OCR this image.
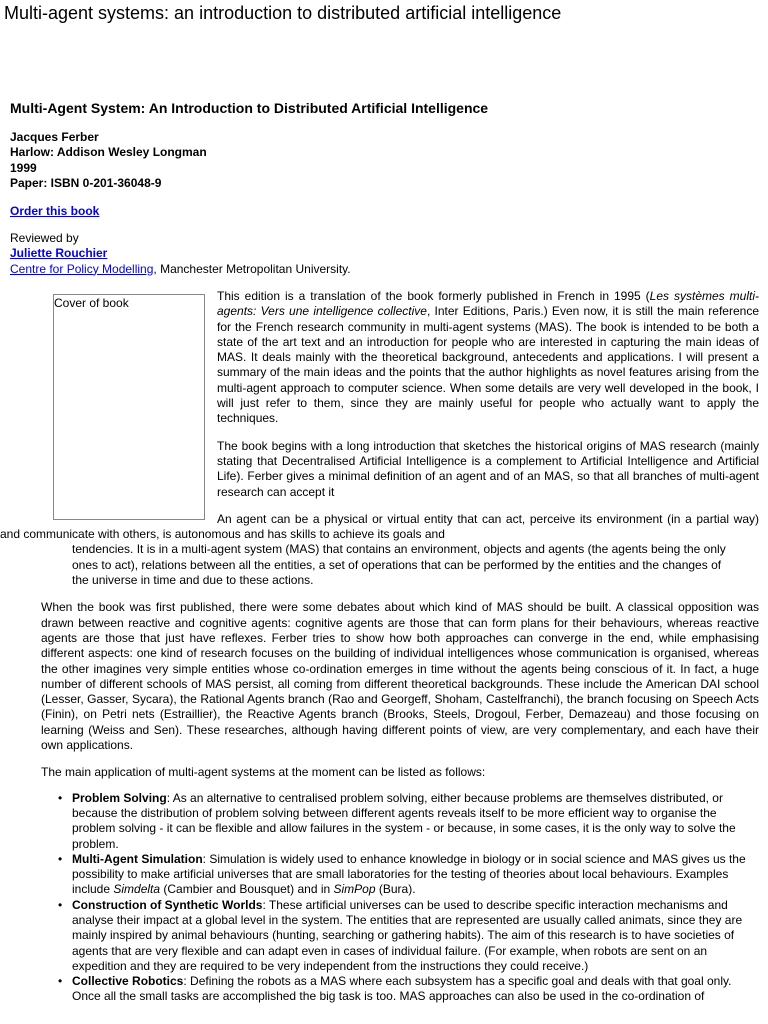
Multi-agent systems: an introduction to distributed artificial intelligence
Multi-Agent System: An Introduction to Distributed Artificial Intelligence
Jacques Ferber
Harlow: Addison Wesley Longman
1999
Paper: ISBN 0-201-36048-9
Order this book
Reviewed by
Juliette Rouchier
Centre for Policy Modelling, Manchester Metropolitan University.
Cover of book	This edition is a translation of the book formerly published in French in 1995 (Les systèmes multi-agents: Vers une intelligence collective, Inter Editions, Paris.) Even now, it is still the main reference for the French research community in multi-agent systems (MAS). The book is intended to be both a state of the art text and an introduction for people who are interested in capturing the main ideas of MAS. It deals mainly with the theoretical background, antecedents and applications. I will present a summary of the main ideas and the points that the author highlights as novel features arising from the multi-agent approach to computer science. When some details are very well developed in the book, I will just refer to them, since they are mainly useful for people who actually want to apply the techniques.

The book begins with a long introduction that sketches the historical origins of MAS research (mainly stating that Decentralised Artificial Intelligence is a complement to Artificial Intelligence and Artificial Life). Ferber gives a minimal definition of an agent and of an MAS, so that all branches of multi-agent research can accept it

An agent can be a physical or virtual entity that can act, perceive its environment (in a partial way) and communicate with others, is autonomous and has skills to achieve its goals and

tendencies. It is in a multi-agent system (MAS) that contains an environment, objects and agents (the agents being the only ones to act), relations between all the entities, a set of operations that can be performed by the entities and the changes of the universe in time and due to these actions.

When the book was first published, there were some debates about which kind of MAS should be built. A classical opposition was drawn between reactive and cognitive agents: cognitive agents are those that can form plans for their behaviours, whereas reactive agents are those that just have reflexes. Ferber tries to show how both approaches can converge in the end, while emphasising different aspects: one kind of research focuses on the building of individual intelligences whose communication is organised, whereas the other imagines very simple entities whose co-ordination emerges in time without the agents being conscious of it. In fact, a huge number of different schools of MAS persist, all coming from different theoretical backgrounds. These include the American DAI school (Lesser, Gasser, Sycara), the Rational Agents branch (Rao and Georgeff, Shoham, Castelfranchi), the branch focusing on Speech Acts (Finin), on Petri nets (Estraillier), the Reactive Agents branch (Brooks, Steels, Drogoul, Ferber, Demazeau) and those focusing on learning (Weiss and Sen). These researches, although having different points of view, are very complementary, and each have their own applications.

The main application of multi-agent systems at the moment can be listed as follows:

• Problem Solving: As an alternative to centralised problem solving, either because problems are themselves distributed, or because the distribution of problem solving between different agents reveals itself to be more efficient way to organise the problem solving - it can be flexible and allow failures in the system - or because, in some cases, it is the only way to solve the problem.
• Multi-Agent Simulation: Simulation is widely used to enhance knowledge in biology or in social science and MAS gives us the possibility to make artificial universes that are small laboratories for the testing of theories about local behaviours. Examples include Simdelta (Cambier and Bousquet) and in SimPop (Bura).
• Construction of Synthetic Worlds: These artificial universes can be used to describe specific interaction mechanisms and analyse their impact at a global level in the system. The entities that are represented are usually called animats, since they are mainly inspired by animal behaviours (hunting, searching or gathering habits). The aim of this research is to have societies of agents that are very flexible and can adapt even in cases of individual failure. (For example, when robots are sent on an expedition and they are required to be very independent from the instructions they could receive.)
• Collective Robotics: Defining the robots as a MAS where each subsystem has a specific goal and deals with that goal only. Once all the small tasks are accomplished the big task is too. MAS approaches can also be used in the co-ordination of
